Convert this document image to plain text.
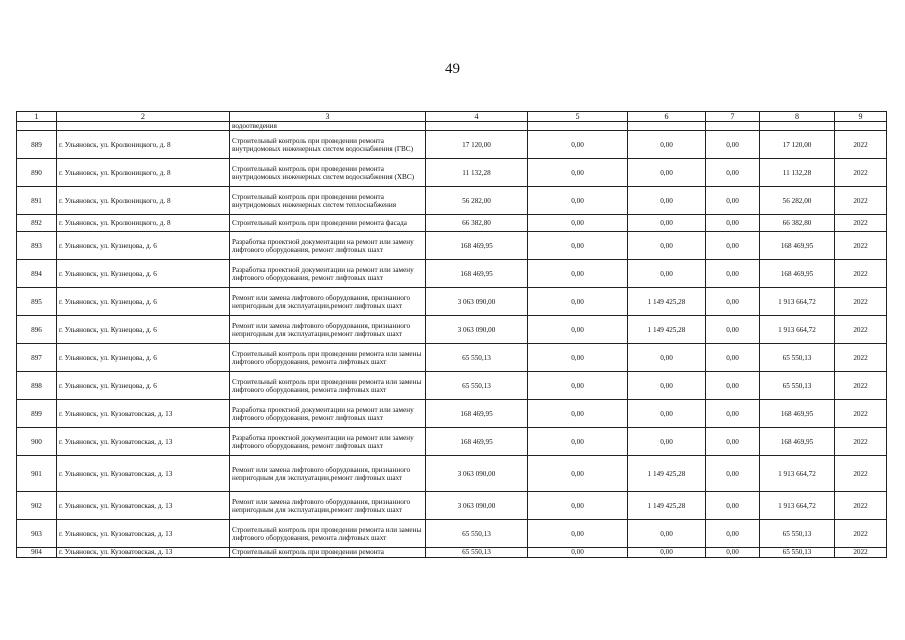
49
1	2	3	4	5	6	7	8	9
		водоотведения						
889	г. Ульяновск, ул. Кролюницкого, д. 8	Строительный контроль при проведении ремонта внутридомовых инженерных систем водоснабжения (ГВС)	17 120,00	0,00	0,00	0,00	17 120,00	2022
890	г. Ульяновск, ул. Кролюницкого, д. 8	Строительный контроль при проведении ремонта внутридомовых инженерных систем водоснабжения (ХВС)	11 132,28	0,00	0,00	0,00	11 132,28	2022
891	г. Ульяновск, ул. Кролюницкого, д. 8	Строительный контроль при проведении ремонта внутридомовых инженерных систем теплоснабжения	56 282,00	0,00	0,00	0,00	56 282,00	2022
892	г. Ульяновск, ул. Кролюницкого, д. 8	Строительный контроль при проведении ремонта фасада	66 382,80	0,00	0,00	0,00	66 382,80	2022
893	г. Ульяновск, ул. Кузнецова, д. 6	Разработка проектной документации на ремонт или замену лифтового оборудования, ремонт лифтовых шахт	168 469,95	0,00	0,00	0,00	168 469,95	2022
894	г. Ульяновск, ул. Кузнецова, д. 6	Разработка проектной документации на ремонт или замену лифтового оборудования, ремонт лифтовых шахт	168 469,95	0,00	0,00	0,00	168 469,95	2022
895	г. Ульяновск, ул. Кузнецова, д. 6	Ремонт или замена лифтового оборудования, признанного непригодным для эксплуатации,ремонт лифтовых шахт	3 063 090,00	0,00	1 149 425,28	0,00	1 913 664,72	2022
896	г. Ульяновск, ул. Кузнецова, д. 6	Ремонт или замена лифтового оборудования, признанного непригодным для эксплуатации,ремонт лифтовых шахт	3 063 090,00	0,00	1 149 425,28	0,00	1 913 664,72	2022
897	г. Ульяновск, ул. Кузнецова, д. 6	Строительный контроль при проведении ремонта или замены лифтового оборудования, ремонта лифтовых шахт	65 550,13	0,00	0,00	0,00	65 550,13	2022
898	г. Ульяновск, ул. Кузнецова, д. 6	Строительный контроль при проведении ремонта или замены лифтового оборудования, ремонта лифтовых шахт	65 550,13	0,00	0,00	0,00	65 550,13	2022
899	г. Ульяновск, ул. Кузоватовская, д. 13	Разработка проектной документации на ремонт или замену лифтового оборудования, ремонт лифтовых шахт	168 469,95	0,00	0,00	0,00	168 469,95	2022
900	г. Ульяновск, ул. Кузоватовская, д. 13	Разработка проектной документации на ремонт или замену лифтового оборудования, ремонт лифтовых шахт	168 469,95	0,00	0,00	0,00	168 469,95	2022
901	г. Ульяновск, ул. Кузоватовская, д. 13	Ремонт или замена лифтового оборудования, признанного непригодным для эксплуатации,ремонт лифтовых шахт	3 063 090,00	0,00	1 149 425,28	0,00	1 913 664,72	2022
902	г. Ульяновск, ул. Кузоватовская, д. 13	Ремонт или замена лифтового оборудования, признанного непригодным для эксплуатации,ремонт лифтовых шахт	3 063 090,00	0,00	1 149 425,28	0,00	1 913 664,72	2022
903	г. Ульяновск, ул. Кузоватовская, д. 13	Строительный контроль при проведении ремонта или замены лифтового оборудования, ремонта лифтовых шахт	65 550,13	0,00	0,00	0,00	65 550,13	2022
904	г. Ульяновск, ул. Кузоватовская, д. 13	Строительный контроль при проведении ремонта	65 550,13	0,00	0,00	0,00	65 550,13	2022
